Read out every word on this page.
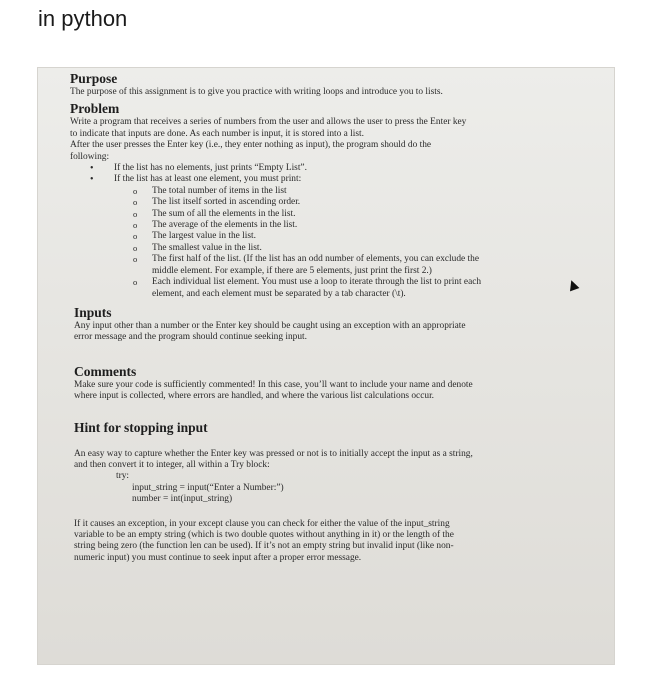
in python
Purpose

The purpose of this assignment is to give you practice with writing loops and introduce you to lists.

Problem

Write a program that receives a series of numbers from the user and allows the user to press the Enter key

to indicate that inputs are done. As each number is input, it is stored into a list.

After the user presses the Enter key (i.e., they enter nothing as input), the program should do the

following:

• If the list has no elements, just prints “Empty List”.
• If the list has at least one element, you must print:
o The total number of items in the list
o The list itself sorted in ascending order.
o The sum of all the elements in the list.
o The average of the elements in the list.
o The largest value in the list.
o The smallest value in the list.
o The first half of the list. (If the list has an odd number of elements, you can exclude the
middle element. For example, if there are 5 elements, just print the first 2.)
o Each individual list element. You must use a loop to iterate through the list to print each
element, and each element must be separated by a tab character (\t).
Inputs

Any input other than a number or the Enter key should be caught using an exception with an appropriate

error message and the program should continue seeking input.

Comments

Make sure your code is sufficiently commented! In this case, you’ll want to include your name and denote

where input is collected, where errors are handled, and where the various list calculations occur.

Hint for stopping input

An easy way to capture whether the Enter key was pressed or not is to initially accept the input as a string,

and then convert it to integer, all within a Try block:

try:

input_string = input(“Enter a Number:”)

number = int(input_string)

If it causes an exception, in your except clause you can check for either the value of the input_string

variable to be an empty string (which is two double quotes without anything in it) or the length of the

string being zero (the function len can be used). If it’s not an empty string but invalid input (like non-

numeric input) you must continue to seek input after a proper error message.
